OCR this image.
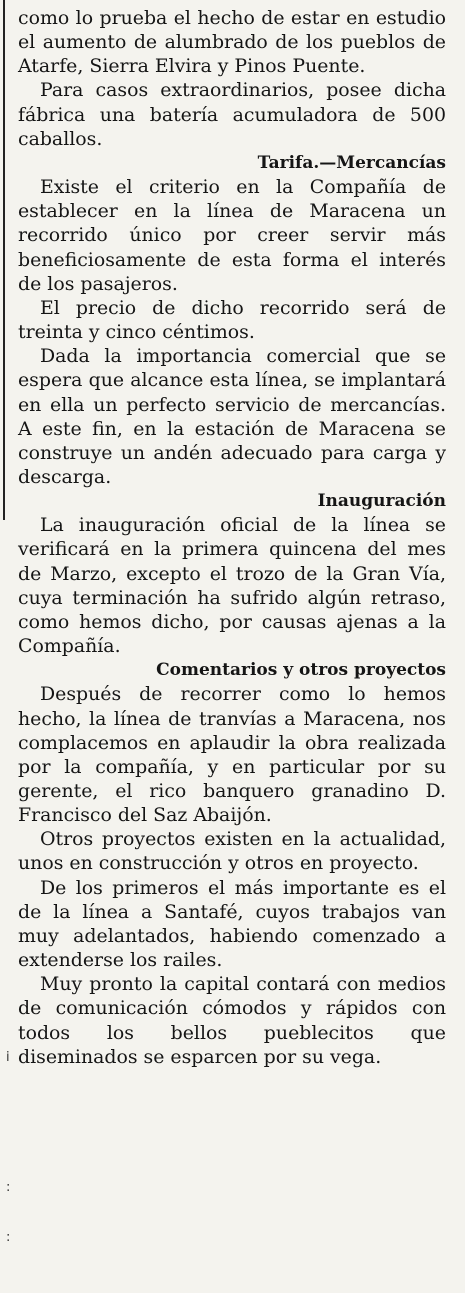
i
:
:

como lo prueba el hecho de estar en estudio el aumento de alumbrado de los pueblos de Atarfe, Sierra Elvira y Pinos Puente.

Para casos extraordinarios, posee dicha fábrica una batería acumuladora de 500 caballos.

Tarifa.—Mercancías

Existe el criterio en la Compañía de establecer en la línea de Maracena un recorrido único por creer servir más beneficiosamente de esta forma el interés de los pasajeros.

El precio de dicho recorrido será de treinta y cinco céntimos.

Dada la importancia comercial que se espera que alcance esta línea, se implantará en ella un perfecto servicio de mercancías. A este fin, en la estación de Maracena se construye un andén adecuado para carga y descarga.

Inauguración

La inauguración oficial de la línea se verificará en la primera quincena del mes de Marzo, excepto el trozo de la Gran Vía, cuya terminación ha sufrido algún retraso, como hemos dicho, por causas ajenas a la Compañía.

Comentarios y otros proyectos

Después de recorrer como lo hemos hecho, la línea de tranvías a Maracena, nos complacemos en aplaudir la obra realizada por la compañía, y en particular por su gerente, el rico banquero granadino D. Francisco del Saz Abaijón.

Otros proyectos existen en la actualidad, unos en construcción y otros en proyecto.

De los primeros el más importante es el de la línea a Santafé, cuyos trabajos van muy adelantados, habiendo comenzado a extenderse los railes.

Muy pronto la capital contará con medios de comunicación cómodos y rápidos con todos los bellos pueblecitos que diseminados se esparcen por su vega.
